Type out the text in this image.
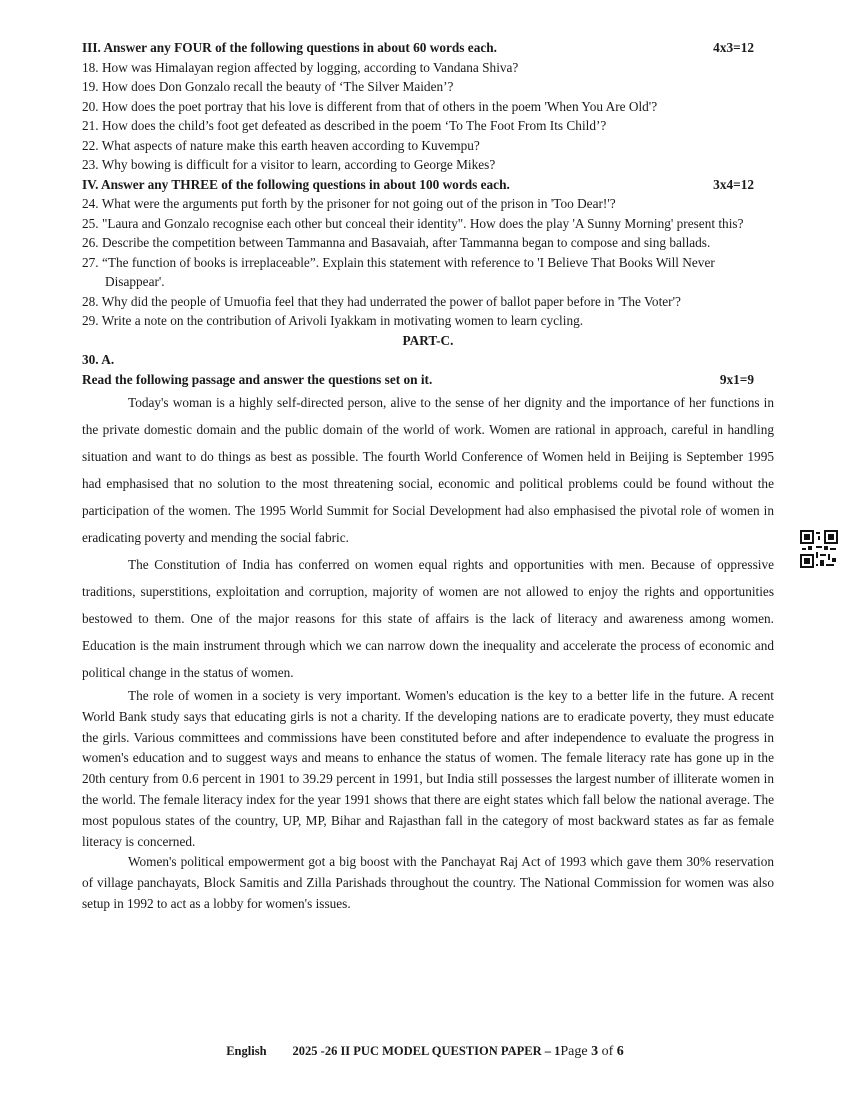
III. Answer any FOUR of the following questions in about 60 words each.	4x3=12
18. How was Himalayan region affected by logging, according to Vandana Shiva?
19. How does Don Gonzalo recall the beauty of ‘The Silver Maiden’?
20. How does the poet portray that his love is different from that of others in the poem 'When You Are Old'?
21. How does the child’s foot get defeated as described in the poem ‘To The Foot From Its Child’?
22. What aspects of nature make this earth heaven according to Kuvempu?
23. Why bowing is difficult for a visitor to learn, according to George Mikes?
IV. Answer any THREE of the following questions in about 100 words each.	3x4=12
24. What were the arguments put forth by the prisoner for not going out of the prison in 'Too Dear!'?
25. "Laura and Gonzalo recognise each other but conceal their identity". How does the play 'A Sunny Morning' present this?
26. Describe the competition between Tammanna and Basavaiah, after Tammanna began to compose and sing ballads.
27. “The function of books is irreplaceable”. Explain this statement with reference to 'I Believe That Books Will Never Disappear'.
28. Why did the people of Umuofia feel that they had underrated the power of ballot paper before in 'The Voter'?
29. Write a note on the contribution of Arivoli Iyakkam in motivating women to learn cycling.
PART-C.
30. A.
Read the following passage and answer the questions set on it.	9x1=9

Today's woman is a highly self-directed person, alive to the sense of her dignity and the importance of her functions in the private domestic domain and the public domain of the world of work. Women are rational in approach, careful in handling situation and want to do things as best as possible. The fourth World Conference of Women held in Beijing is September 1995 had emphasised that no solution to the most threatening social, economic and political problems could be found without the participation of the women. The 1995 World Summit for Social Development had also emphasised the pivotal role of women in eradicating poverty and mending the social fabric.

The Constitution of India has conferred on women equal rights and opportunities with men. Because of oppressive traditions, superstitions, exploitation and corruption, majority of women are not allowed to enjoy the rights and opportunities bestowed to them. One of the major reasons for this state of affairs is the lack of literacy and awareness among women. Education is the main instrument through which we can narrow down the inequality and accelerate the process of economic and political change in the status of women.

The role of women in a society is very important. Women's education is the key to a better life in the future. A recent World Bank study says that educating girls is not a charity. If the developing nations are to eradicate poverty, they must educate the girls. Various committees and commissions have been constituted before and after independence to evaluate the progress in women's education and to suggest ways and means to enhance the status of women. The female literacy rate has gone up in the 20th century from 0.6 percent in 1901 to 39.29 percent in 1991, but India still possesses the largest number of illiterate women in the world. The female literacy index for the year 1991 shows that there are eight states which fall below the national average. The most populous states of the country, UP, MP, Bihar and Rajasthan fall in the category of most backward states as far as female literacy is concerned.

Women's political empowerment got a big boost with the Panchayat Raj Act of 1993 which gave them 30% reservation of village panchayats, Block Samitis and Zilla Parishads throughout the country. The National Commission for women was also setup in 1992 to act as a lobby for women's issues.

English 2025 -26 II PUC MODEL QUESTION PAPER – 1Page 3 of 6
